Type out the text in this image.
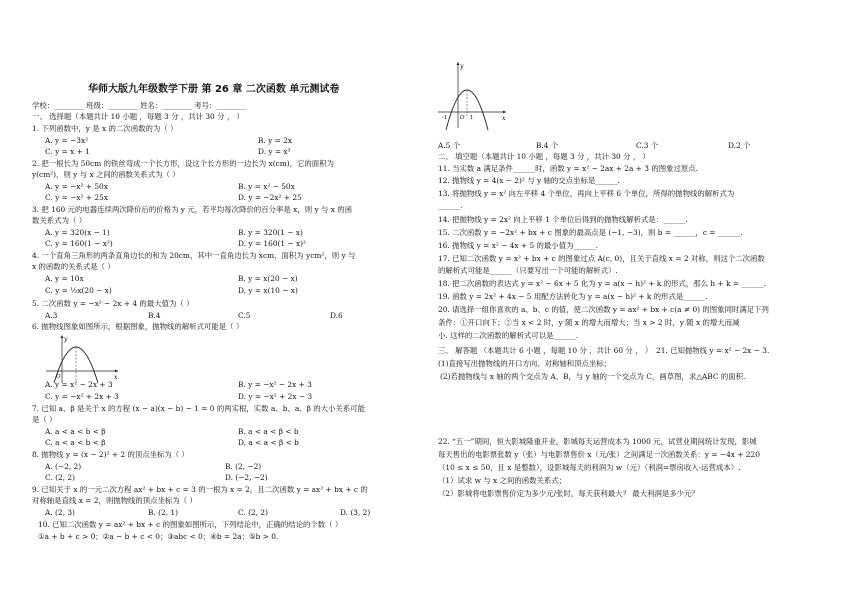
华师大版九年级数学下册 第 26 章 二次函数 单元测试卷
学校：________ 班级：________ 姓名：________ 考号：________
一、 选择题（本题共计 10 小题 ，每题 3 分 ，共计 30 分 ， ）
1. 下列函数中，y 是 x 的二次函数的为（ ）
A. y = −3x²	B. y = 2x
C. y = x + 1	D. y = x³
2. 把一根长为 50cm 的铁丝弯成一个长方形，设这个长方形的一边长为 x(cm)，它的面积为
y(cm²)，则 y 与 x 之间的函数关系式为（ ）
A. y = −x² + 50x	B. y = x² − 50x
C. y = −x² + 25x	D. y = −2x² + 25
3. 把 160 元的电器连续两次降价后的价格为 y 元，若平均每次降价的百分率是 x，则 y 与 x 的函
数关系式为（ ）
A. y = 320(x − 1)	B. y = 320(1 − x)
C. y = 160(1 − x²)	D. y = 160(1 − x)²
4. 一个直角三角形的两条直角边长的和为 20cm，其中一直角边长为 xcm，面积为 ycm²，则 y 与
x 的函数的关系式是（ ）
A. y = 10x	B. y = x(20 − x)
C. y = ½x(20 − x)	D. y = x(10 − x)
5. 二次函数 y = −x² − 2x + 4 的最大值为（ ）
A.3	B.4	C.5	D.6
6. 抛物线图象如图所示，根据图象，抛物线的解析式可能是（ ）
y
x
O
A. y = x² − 2x + 3	B. y = −x² − 2x + 3
C. y = −x² + 2x + 3	D. y = −x² + 2x − 3
7. 已知 a、β 是关于 x 的方程 (x − a)(x − b) − 1 = 0 的两实根，实数 a、b、a、β 的大小关系可能
是（ ）
A. a < a < b < β	B. a < a < β < b
C. a < a < b < β	D. a < a < β < b
8. 抛物线 y = (x − 2)² + 2 的顶点坐标为（ ）
A. (−2, 2)	B. (2, −2)
C. (2, 2)	D. (−2, −2)
9. 已知关于 x 的一元二次方程 ax² + bx + c = 3 的一根为 x = 2，且二次函数 y = ax² + bx + c 的
对称轴是直线 x = 2，则抛物线的顶点坐标为（ ）
A. (2, 3)	B. (2, 1)	C. (2, 2)	D. (3, 2)
10. 已知二次函数 y = ax² + bx + c 的图象如图所示，下列结论中，正确的结论的个数（ ）
①a + b + c > 0；②a − b + c < 0；③abc < 0；④b = 2a；⑤b > 0.
y
x
O
-1	1
A.5 个	B.4 个	C.3 个	D.2 个
二、 填空题（本题共计 10 小题 ，每题 3 分 ，共计 30 分 ， ）
11. 当实数 a 满足条件______时，函数 y = x² − 2ax + 2a + 3 的图象过原点.
12. 抛物线 y = 4(x − 2)² 与 y 轴的交点坐标是______.
13. 将抛物线 y = x² 向左平移 4 个单位，再向上平移 6 个单位，所得的抛物线的解析式为
______.
14. 把抛物线 y = 2x² 向上平移 1 个单位后得到的抛物线解析式是：______.
15. 二次函数 y = −2x² + bx + c 图象的最高点是 (−1, −3)，则 b = ______，c = ______.
16. 抛物线 y = x² − 4x + 5 的最小值为______.
17. 已知二次函数 y = x² + bx + c 的图象过点 A(c, 0)，且关于直线 x = 2 对称，则这个二次函数
的解析式可能是______（只要写出一个可能的解析式）.
18. 把二次函数的表达式 y = x² − 6x + 5 化为 y = a(x − h)² + k 的形式，那么 h + k = ______.
19. 函数 y = 2x² + 4x − 5 用配方法转化为 y = a(x − h)² + k 的形式是______.
20. 请选择一组你喜欢的 a、b、c 的值，使二次函数 y = ax² + bx + c(a ≠ 0) 的图象同时满足下列
条件：①开口向下；②当 x < 2 时，y 随 x 的增大而增大；当 x > 2 时，y 随 x 的增大而减
小. 这样的二次函数的解析式可以是______.
三、 解答题 （本题共计 6 小题 ，每题 10 分 ，共计 60 分 ， ）　21. 已知抛物线 y = x² − 2x − 3.
(1)直接写出抛物线的开口方向、对称轴和顶点坐标；
(2)若抛物线与 x 轴的两个交点为 A、B，与 y 轴的一个交点为 C，画草图，求△ABC 的面积.
22. “五一”期间，恒大影城隆重开业，影城每天运营成本为 1000 元，试营业期间统计发现，影城
每天售出的电影票张数 y（张）与电影票售价 x（元/张）之间满足一次函数关系：y = −4x + 220
（10 ≤ x ≤ 50，且 x 是整数），设影城每天的利润为 w（元）（利润=票房收入-运营成本）.
（1）试求 w 与 x 之间的函数关系式；
（2）影城将电影票售价定为多少元/张时，每天获利最大？ 最大利润是多少元？
